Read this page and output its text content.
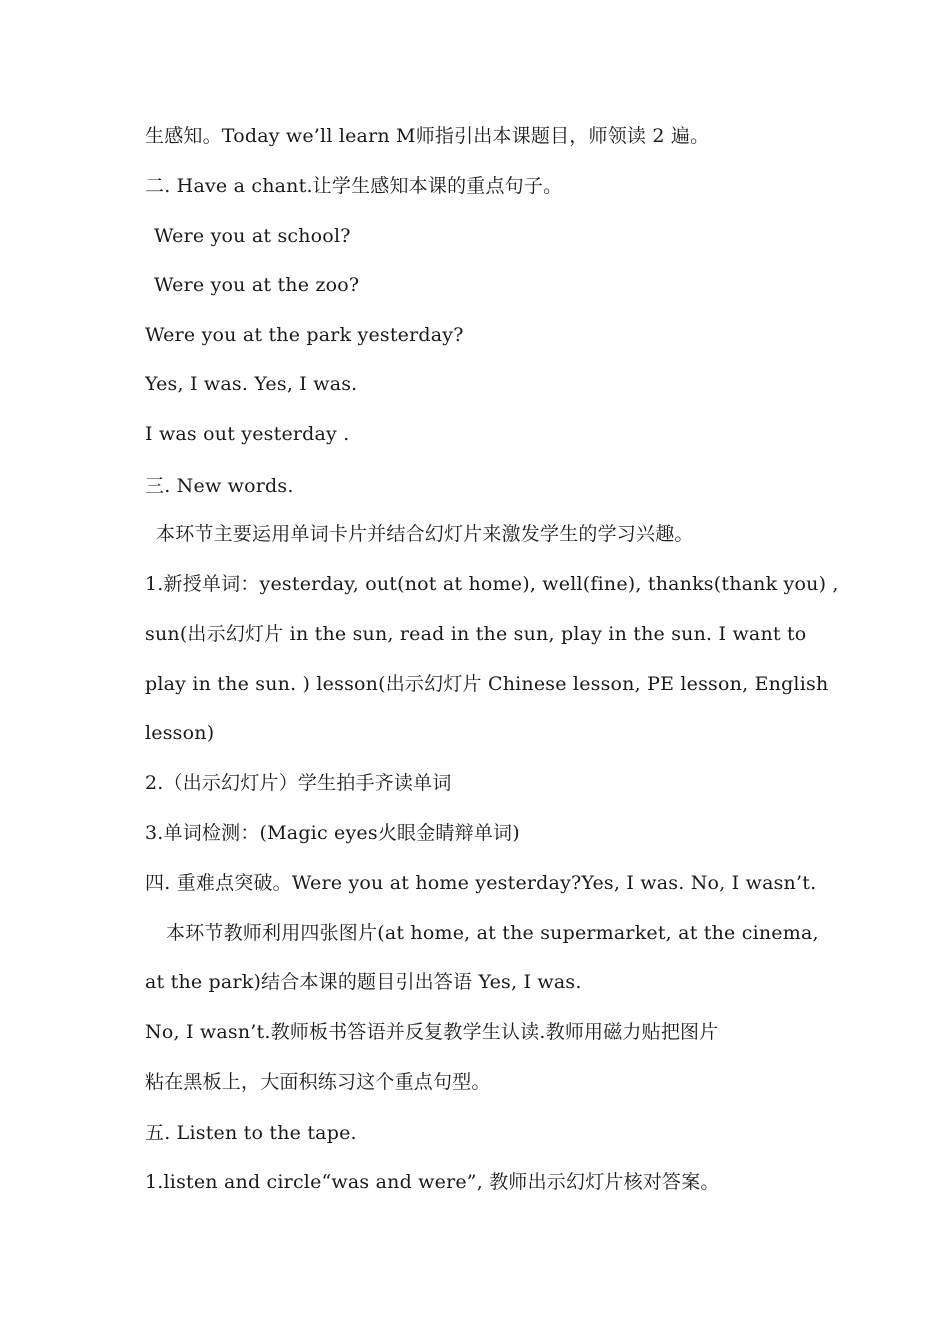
生感知。Today we’ll learn M师指引出本课题目，师领读 2 遍。
二. Have a chant.让学生感知本课的重点句子。
Were you at school?
Were you at the zoo?
Were you at the park yesterday?
Yes, I was. Yes, I was.
I was out yesterday .
三. New words.
本环节主要运用单词卡片并结合幻灯片来激发学生的学习兴趣。
1.新授单词：yesterday, out(not at home), well(fine), thanks(thank you) ,
sun(出示幻灯片 in the sun, read in the sun, play in the sun. I want to
play in the sun. ) lesson(出示幻灯片 Chinese lesson, PE lesson, English
lesson)
2.（出示幻灯片）学生拍手齐读单词
3.单词检测：(Magic eyes火眼金睛辩单词)
四. 重难点突破。Were you at home yesterday?Yes, I was. No, I wasn’t.
本环节教师利用四张图片(at home, at the supermarket, at the cinema,
at the park)结合本课的题目引出答语 Yes, I was.
No, I wasn’t.教师板书答语并反复教学生认读.教师用磁力贴把图片
粘在黑板上，大面积练习这个重点句型。
五. Listen to the tape.
1.listen and circle“was and were”, 教师出示幻灯片核对答案。
